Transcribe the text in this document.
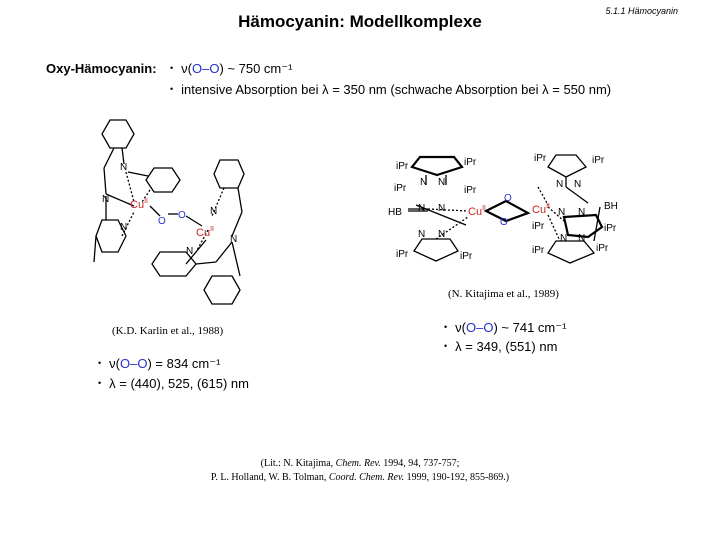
5.1.1 Hämocyanin
Hämocyanin: Modellkomplexe
Oxy-Hämocyanin: • ν(O–O) ~ 750 cm⁻¹
• intensive Absorption bei λ = 350 nm (schwache Absorption bei λ = 550 nm)
N
N
N
$Cu^{II}$
O
O N
$Cu^{II}$
N
N
(K.D. Karlin et al., 1988)
• ν(O–O) = 834 cm⁻¹
• λ = (440), 525, (615) nm
iPr	iPr
N N
iPr	iPr
HB N N
N N
iPr	iPr
$Cu^{II}$
O
O
$Cu^{II}$
iPr	iPr
N N
N N
BH
iPr	iPr
N N
iPr	iPr
(N. Kitajima et al., 1989)
• ν(O–O) ~ 741 cm⁻¹
• λ = 349, (551) nm
(Lit.: N. Kitajima, Chem. Rev. 1994, 94, 737-757;
P. L. Holland, W. B. Tolman, Coord. Chem. Rev. 1999, 190-192, 855-869.)
